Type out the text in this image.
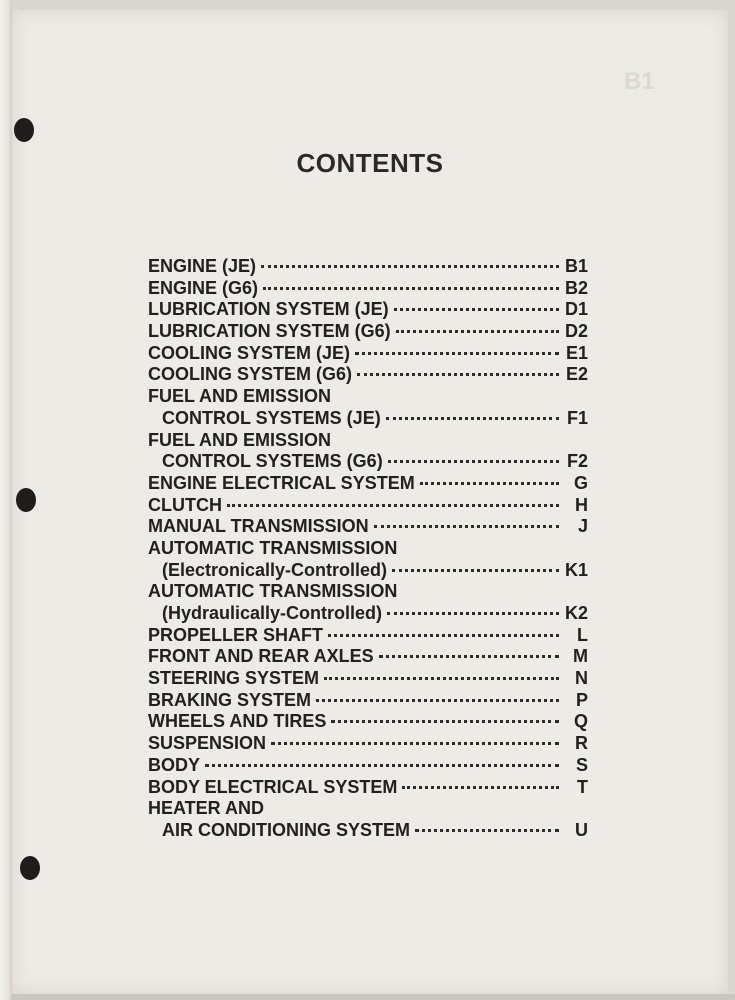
B1
CONTENTS
ENGINE (JE)	B1
ENGINE (G6)	B2
LUBRICATION SYSTEM (JE)	D1
LUBRICATION SYSTEM (G6)	D2
COOLING SYSTEM (JE)	E1
COOLING SYSTEM (G6)	E2
FUEL AND EMISSION
CONTROL SYSTEMS (JE)	F1
FUEL AND EMISSION
CONTROL SYSTEMS (G6)	F2
ENGINE ELECTRICAL SYSTEM	G
CLUTCH	H
MANUAL TRANSMISSION	J
AUTOMATIC TRANSMISSION
(Electronically-Controlled)	K1
AUTOMATIC TRANSMISSION
(Hydraulically-Controlled)	K2
PROPELLER SHAFT	L
FRONT AND REAR AXLES	M
STEERING SYSTEM	N
BRAKING SYSTEM	P
WHEELS AND TIRES	Q
SUSPENSION	R
BODY	S
BODY ELECTRICAL SYSTEM	T
HEATER AND
AIR CONDITIONING SYSTEM	U
